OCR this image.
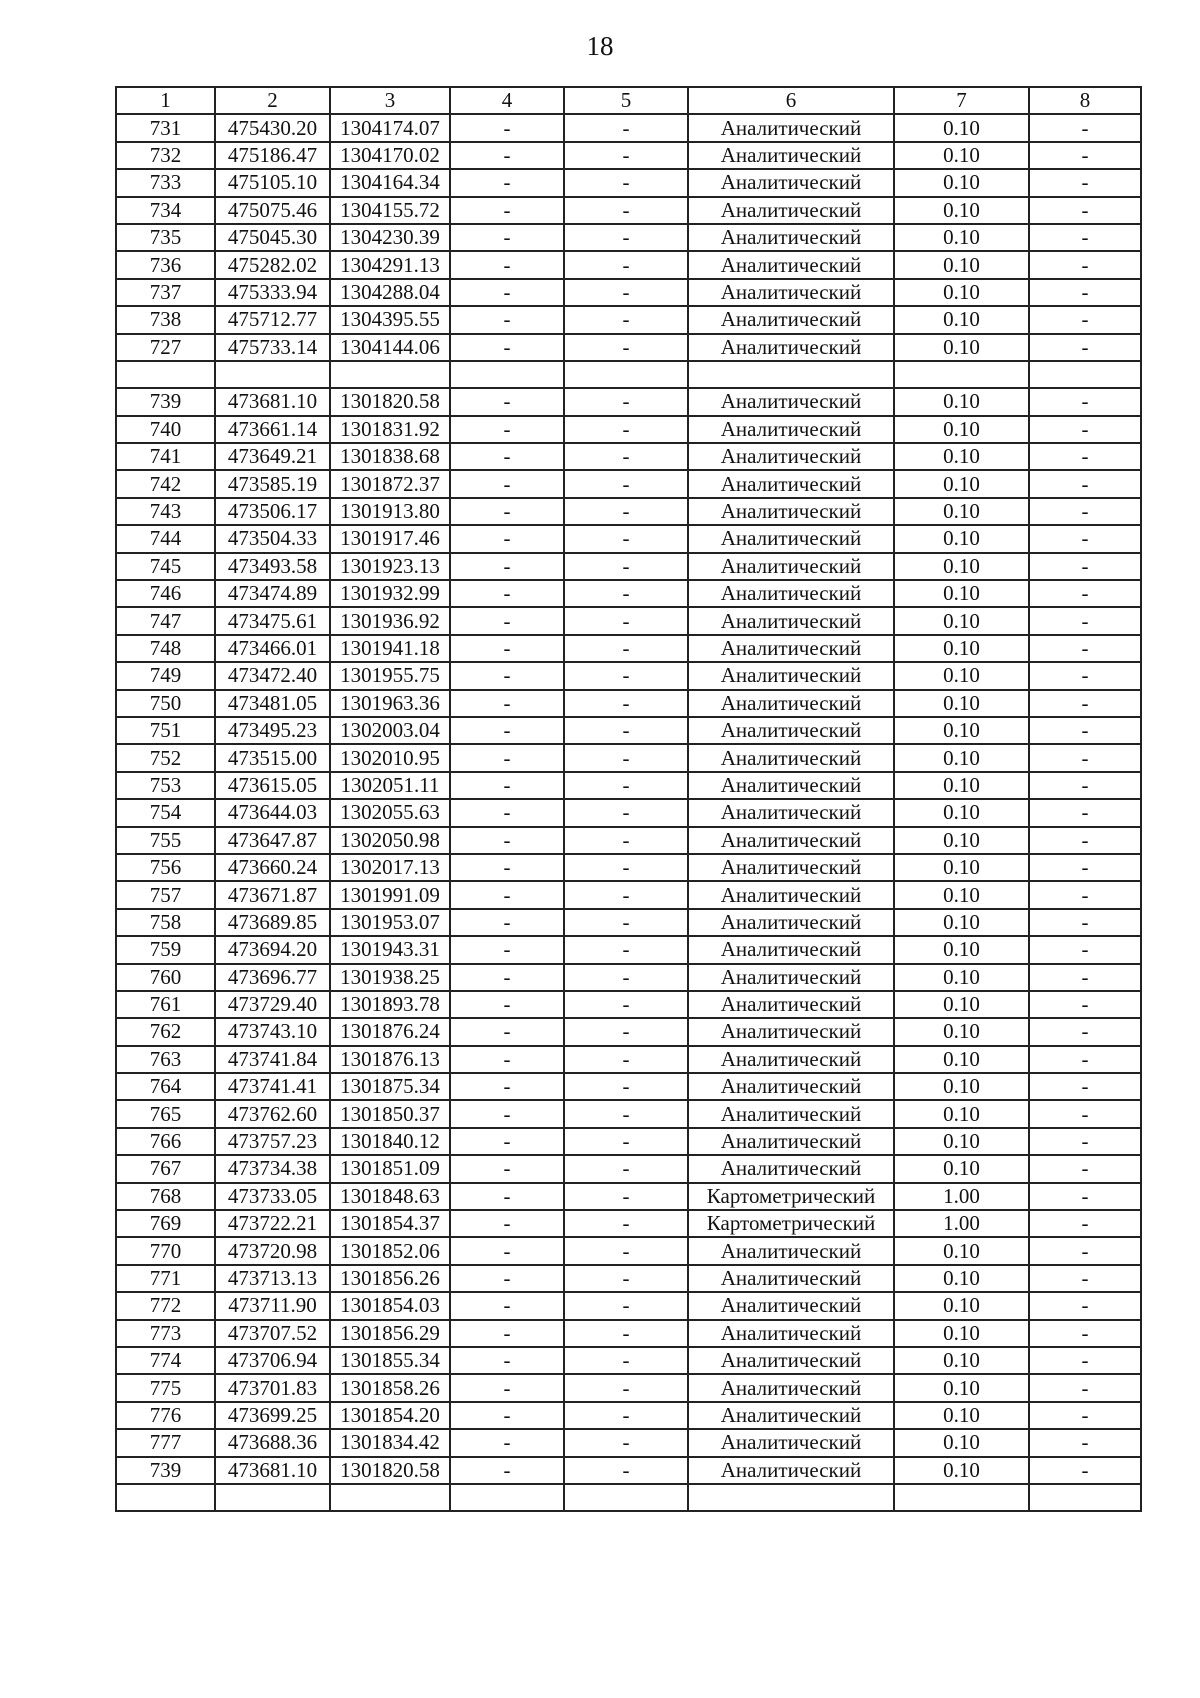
18
1	2	3	4	5	6	7	8
731	475430.20	1304174.07	-	-	Аналитический	0.10	-
732	475186.47	1304170.02	-	-	Аналитический	0.10	-
733	475105.10	1304164.34	-	-	Аналитический	0.10	-
734	475075.46	1304155.72	-	-	Аналитический	0.10	-
735	475045.30	1304230.39	-	-	Аналитический	0.10	-
736	475282.02	1304291.13	-	-	Аналитический	0.10	-
737	475333.94	1304288.04	-	-	Аналитический	0.10	-
738	475712.77	1304395.55	-	-	Аналитический	0.10	-
727	475733.14	1304144.06	-	-	Аналитический	0.10	-

739	473681.10	1301820.58	-	-	Аналитический	0.10	-
740	473661.14	1301831.92	-	-	Аналитический	0.10	-
741	473649.21	1301838.68	-	-	Аналитический	0.10	-
742	473585.19	1301872.37	-	-	Аналитический	0.10	-
743	473506.17	1301913.80	-	-	Аналитический	0.10	-
744	473504.33	1301917.46	-	-	Аналитический	0.10	-
745	473493.58	1301923.13	-	-	Аналитический	0.10	-
746	473474.89	1301932.99	-	-	Аналитический	0.10	-
747	473475.61	1301936.92	-	-	Аналитический	0.10	-
748	473466.01	1301941.18	-	-	Аналитический	0.10	-
749	473472.40	1301955.75	-	-	Аналитический	0.10	-
750	473481.05	1301963.36	-	-	Аналитический	0.10	-
751	473495.23	1302003.04	-	-	Аналитический	0.10	-
752	473515.00	1302010.95	-	-	Аналитический	0.10	-
753	473615.05	1302051.11	-	-	Аналитический	0.10	-
754	473644.03	1302055.63	-	-	Аналитический	0.10	-
755	473647.87	1302050.98	-	-	Аналитический	0.10	-
756	473660.24	1302017.13	-	-	Аналитический	0.10	-
757	473671.87	1301991.09	-	-	Аналитический	0.10	-
758	473689.85	1301953.07	-	-	Аналитический	0.10	-
759	473694.20	1301943.31	-	-	Аналитический	0.10	-
760	473696.77	1301938.25	-	-	Аналитический	0.10	-
761	473729.40	1301893.78	-	-	Аналитический	0.10	-
762	473743.10	1301876.24	-	-	Аналитический	0.10	-
763	473741.84	1301876.13	-	-	Аналитический	0.10	-
764	473741.41	1301875.34	-	-	Аналитический	0.10	-
765	473762.60	1301850.37	-	-	Аналитический	0.10	-
766	473757.23	1301840.12	-	-	Аналитический	0.10	-
767	473734.38	1301851.09	-	-	Аналитический	0.10	-
768	473733.05	1301848.63	-	-	Картометрический	1.00	-
769	473722.21	1301854.37	-	-	Картометрический	1.00	-
770	473720.98	1301852.06	-	-	Аналитический	0.10	-
771	473713.13	1301856.26	-	-	Аналитический	0.10	-
772	473711.90	1301854.03	-	-	Аналитический	0.10	-
773	473707.52	1301856.29	-	-	Аналитический	0.10	-
774	473706.94	1301855.34	-	-	Аналитический	0.10	-
775	473701.83	1301858.26	-	-	Аналитический	0.10	-
776	473699.25	1301854.20	-	-	Аналитический	0.10	-
777	473688.36	1301834.42	-	-	Аналитический	0.10	-
739	473681.10	1301820.58	-	-	Аналитический	0.10	-
